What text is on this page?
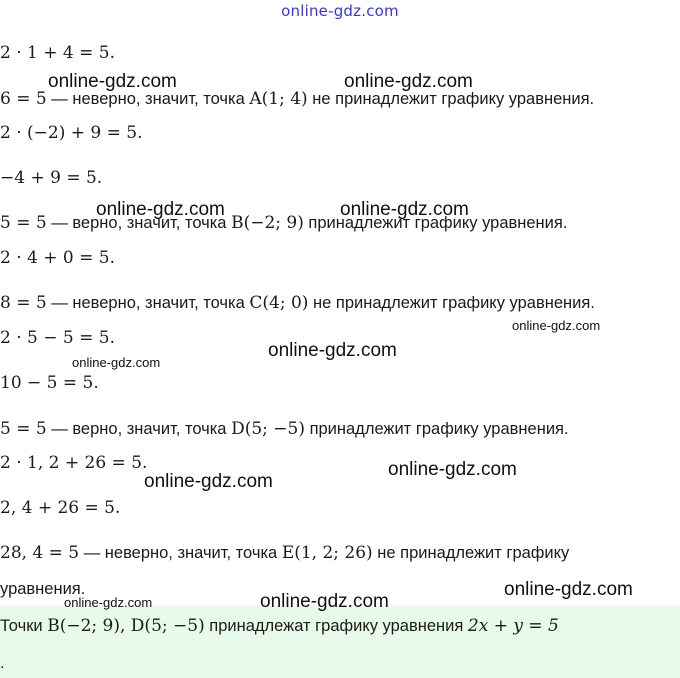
online-gdz.com
2 · 1 + 4 = 5.
6 = 5 — неверно, значит, точка A(1; 4) не принадлежит графику уравнения.
2 · (−2) + 9 = 5.
−4 + 9 = 5.
5 = 5 — верно, значит, точка B(−2; 9) принадлежит графику уравнения.
2 · 4 + 0 = 5.
8 = 5 — неверно, значит, точка C(4; 0) не принадлежит графику уравнения.
2 · 5 − 5 = 5.
10 − 5 = 5.
5 = 5 — верно, значит, точка D(5; −5) принадлежит графику уравнения.
2 · 1, 2 + 26 = 5.
2, 4 + 26 = 5.
28, 4 = 5 — неверно, значит, точка E(1, 2; 26) не принадлежит графику
уравнения.
Точки B(−2; 9), D(5; −5) принадлежат графику уравнения 2x + y = 5
.
online-gdz.com	online-gdz.com
online-gdz.com	online-gdz.com
online-gdz.com
online-gdz.com
online-gdz.com
online-gdz.com
online-gdz.com
online-gdz.com
online-gdz.com	online-gdz.com
